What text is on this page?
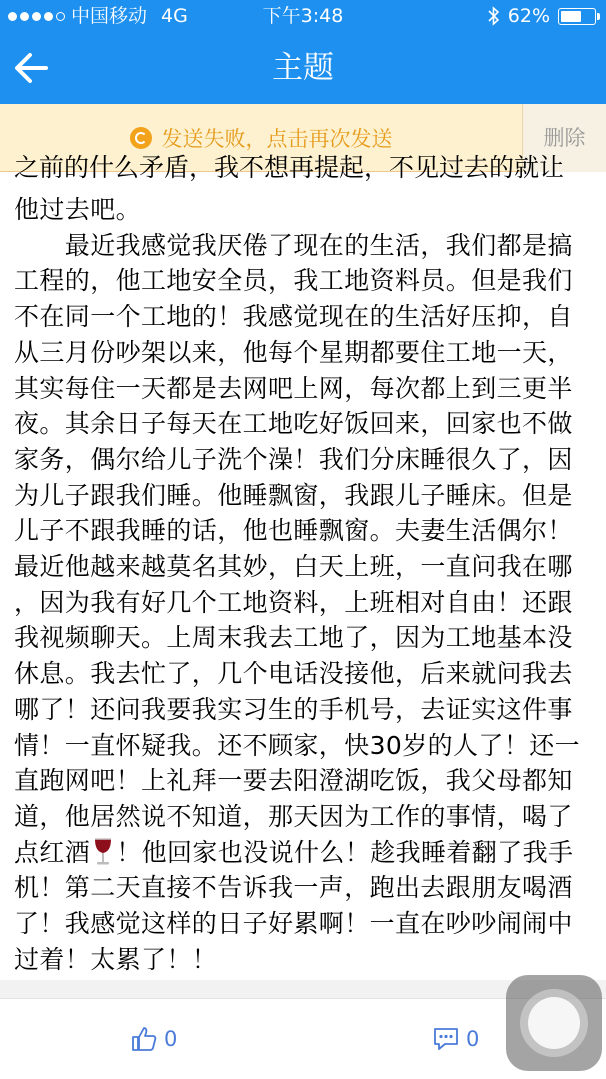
中国移动 4G	下午3:48	62%
主题
发送失败，点击再次发送	删除
之前的什么矛盾，我不想再提起，不见过去的就让
他过去吧。
　　最近我感觉我厌倦了现在的生活，我们都是搞
工程的，他工地安全员，我工地资料员。但是我们
不在同一个工地的！我感觉现在的生活好压抑，自
从三月份吵架以来，他每个星期都要住工地一天，
其实每住一天都是去网吧上网，每次都上到三更半
夜。其余日子每天在工地吃好饭回来，回家也不做
家务，偶尔给儿子洗个澡！我们分床睡很久了，因
为儿子跟我们睡。他睡飘窗，我跟儿子睡床。但是
儿子不跟我睡的话，他也睡飘窗。夫妻生活偶尔！
最近他越来越莫名其妙，白天上班，一直问我在哪
，因为我有好几个工地资料，上班相对自由！还跟
我视频聊天。上周末我去工地了，因为工地基本没
休息。我去忙了，几个电话没接他，后来就问我去
哪了！还问我要我实习生的手机号，去证实这件事
情！一直怀疑我。还不顾家，快30岁的人了！还一
直跑网吧！上礼拜一要去阳澄湖吃饭，我父母都知
道，他居然说不知道，那天因为工作的事情，喝了
点红酒 ！他回家也没说什么！趁我睡着翻了我手
机！第二天直接不告诉我一声，跑出去跟朋友喝酒
了！我感觉这样的日子好累啊！一直在吵吵闹闹中
过着！太累了！！
0	0
